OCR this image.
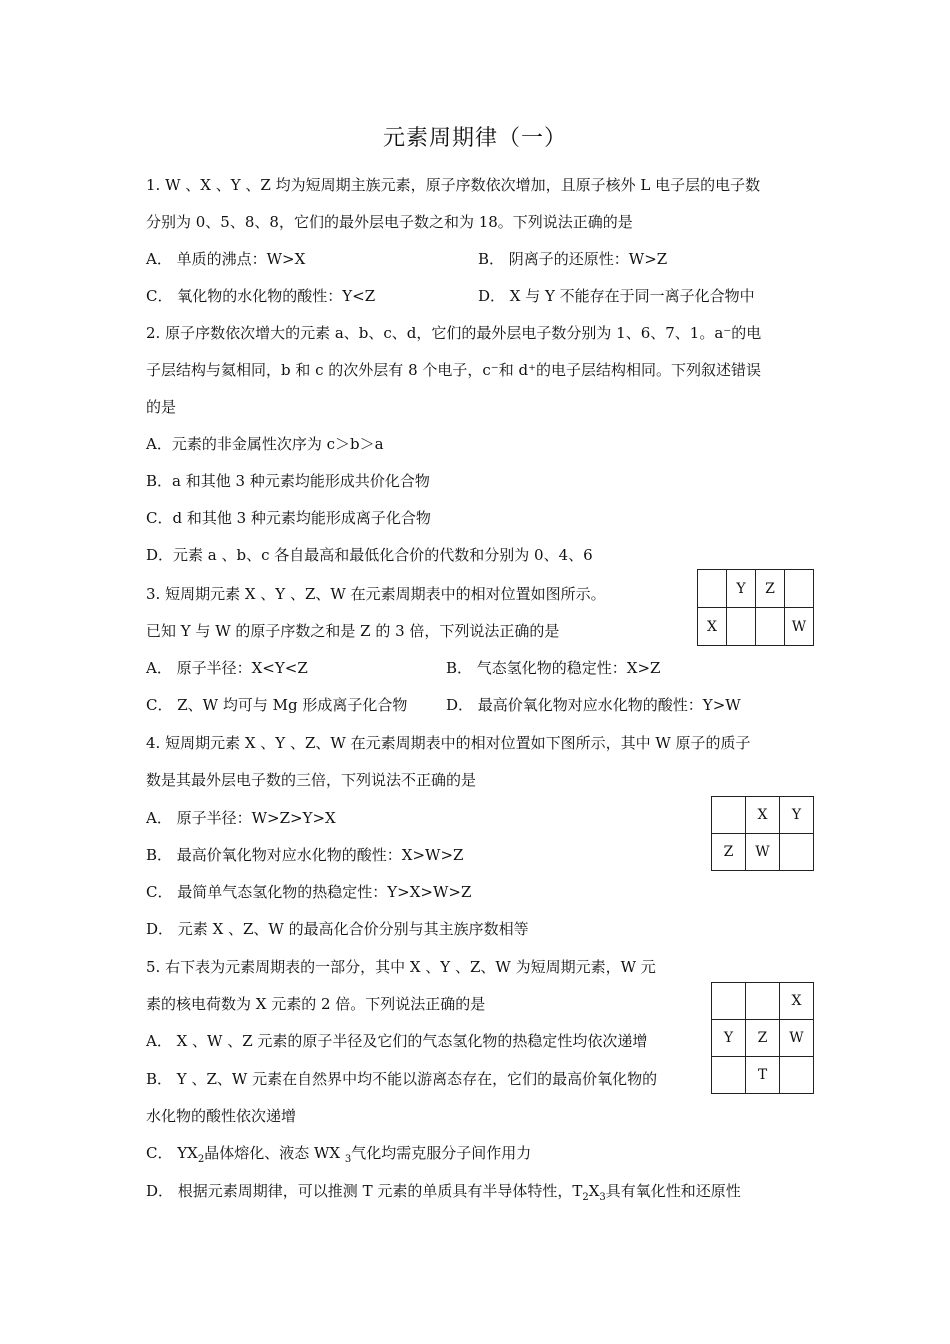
元素周期律（一）
1. W 、X 、Y 、Z 均为短周期主族元素，原子序数依次增加，且原子核外 L 电子层的电子数
分别为 0、5、8、8，它们的最外层电子数之和为 18。下列说法正确的是
A． 单质的沸点：W>X	B． 阴离子的还原性：W>Z
C． 氧化物的水化物的酸性：Y<Z	D． X 与 Y 不能存在于同一离子化合物中
2. 原子序数依次增大的元素 a、b、c、d，它们的最外层电子数分别为 1、6、7、1。a⁻的电
子层结构与氦相同，b 和 c 的次外层有 8 个电子，c⁻和 d⁺的电子层结构相同。下列叙述错误
的是
A．元素的非金属性次序为 c＞b＞a
B．a 和其他 3 种元素均能形成共价化合物
C．d 和其他 3 种元素均能形成离子化合物
D．元素 a 、b、c 各自最高和最低化合价的代数和分别为 0、4、6
3. 短周期元素 X 、Y 、Z、W 在元素周期表中的相对位置如图所示。
已知 Y 与 W 的原子序数之和是 Z 的 3 倍，下列说法正确的是
A． 原子半径：X<Y<Z	B． 气态氢化物的稳定性：X>Z
C． Z、W 均可与 Mg 形成离子化合物	D． 最高价氧化物对应水化物的酸性：Y>W
	Y	Z	
X			W
4. 短周期元素 X 、Y 、Z、W 在元素周期表中的相对位置如下图所示，其中 W 原子的质子
数是其最外层电子数的三倍，下列说法不正确的是
A． 原子半径：W>Z>Y>X
B． 最高价氧化物对应水化物的酸性：X>W>Z
C． 最简单气态氢化物的热稳定性：Y>X>W>Z
D． 元素 X 、Z、W 的最高化合价分别与其主族序数相等
	X	Y
Z	W	
5. 右下表为元素周期表的一部分，其中 X 、Y 、Z、W 为短周期元素，W 元
素的核电荷数为 X 元素的 2 倍。下列说法正确的是
A． X 、W 、Z 元素的原子半径及它们的气态氢化物的热稳定性均依次递增
B． Y 、Z、W 元素在自然界中均不能以游离态存在，它们的最高价氧化物的
水化物的酸性依次递增
C． $YX_2$晶体熔化、液态 WX $_3$气化均需克服分子间作用力
D． 根据元素周期律，可以推测 T 元素的单质具有半导体特性，$T_2X_3$具有氧化性和还原性
		X
Y	Z	W
	T	
